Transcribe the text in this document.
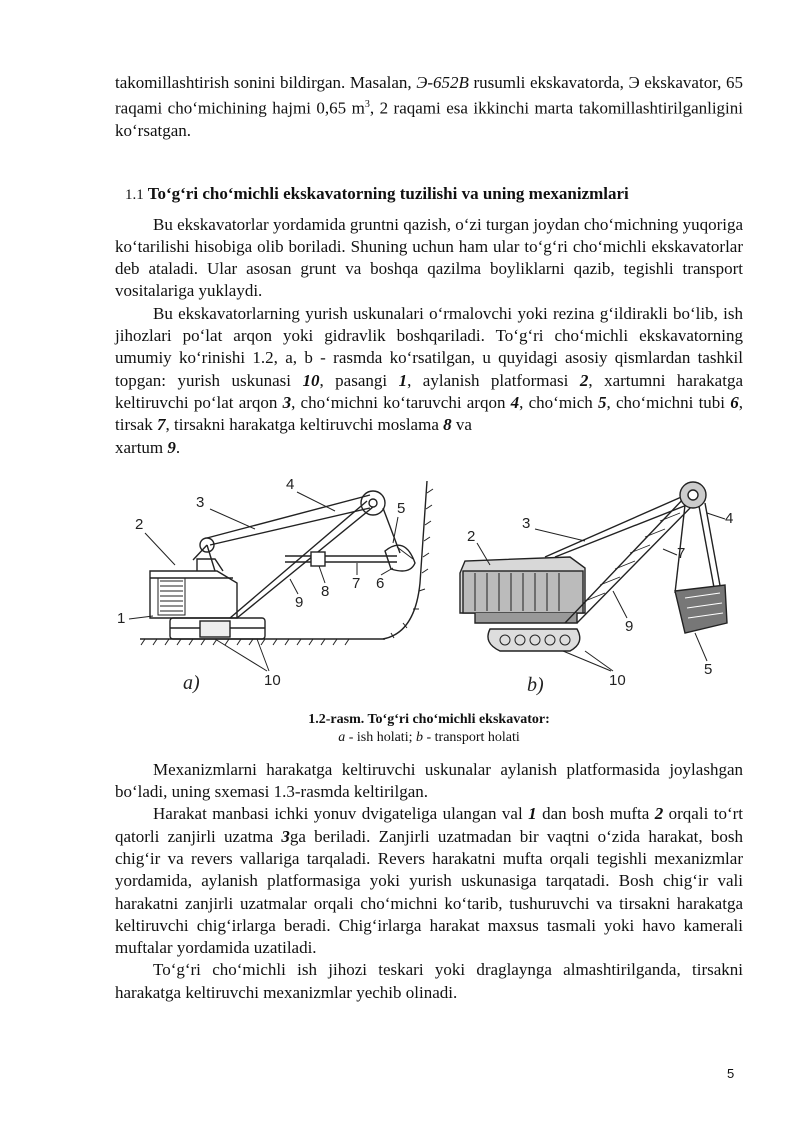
takomillashtirish sonini bildirgan. Masalan, Э-652В rusumli ekskavatorda, Э ekskavator, 65 raqami cho‘michining hajmi 0,65 $m^3$, 2 raqami esa ikkinchi marta takomillashtirilganligini ko‘rsatgan.

1.1 To‘g‘ri cho‘michli ekskavatorning tuzilishi va uning mexanizmlari

Bu ekskavatorlar yordamida gruntni qazish, o‘zi turgan joydan cho‘michning yuqoriga ko‘tarilishi hisobiga olib boriladi. Shuning uchun ham ular to‘g‘ri cho‘michli ekskavatorlar deb ataladi. Ular asosan grunt va boshqa qazilma boyliklarni qazib, tegishli transport vositalariga yuklaydi.

Bu ekskavatorlarning yurish uskunalari o‘rmalovchi yoki rezina g‘ildirakli bo‘lib, ish jihozlari po‘lat arqon yoki gidravlik boshqariladi. To‘g‘ri cho‘michli ekskavatorning umumiy ko‘rinishi 1.2, a, b - rasmda ko‘rsatilgan, u quyidagi asosiy qismlardan tashkil topgan: yurish uskunasi 10, pasangi 1, aylanish platformasi 2, xartumni harakatga keltiruvchi po‘lat arqon 3, cho‘michni ko‘taruvchi arqon 4, cho‘mich 5, cho‘michni tubi 6, tirsak 7, tirsakni harakatga keltiruvchi moslama 8 va
xartum 9.

1
2
3
4
5
6
7
8
9
10
a)
2
3	4
5
7
9
10
b)
1.2-rasm. To‘g‘ri cho‘michli ekskavator:
a - ish holati; b - transport holati

Mexanizmlarni harakatga keltiruvchi uskunalar aylanish platformasida joylashgan bo‘ladi, uning sxemasi 1.3-rasmda keltirilgan.

Harakat manbasi ichki yonuv dvigateliga ulangan val 1 dan bosh mufta 2 orqali to‘rt qatorli zanjirli uzatma 3ga beriladi. Zanjirli uzatmadan bir vaqtni o‘zida harakat, bosh chig‘ir va revers vallariga tarqaladi. Revers harakatni mufta orqali tegishli mexanizmlar yordamida, aylanish platformasiga yoki yurish uskunasiga tarqatadi. Bosh chig‘ir vali harakatni zanjirli uzatmalar orqali cho‘michni ko‘tarib, tushuruvchi va tirsakni harakatga keltiruvchi chig‘irlarga beradi. Chig‘irlarga harakat maxsus tasmali yoki havo kamerali muftalar yordamida uzatiladi.

To‘g‘ri cho‘michli ish jihozi teskari yoki draglaynga almashtirilganda, tirsakni harakatga keltiruvchi mexanizmlar yechib olinadi.

5
